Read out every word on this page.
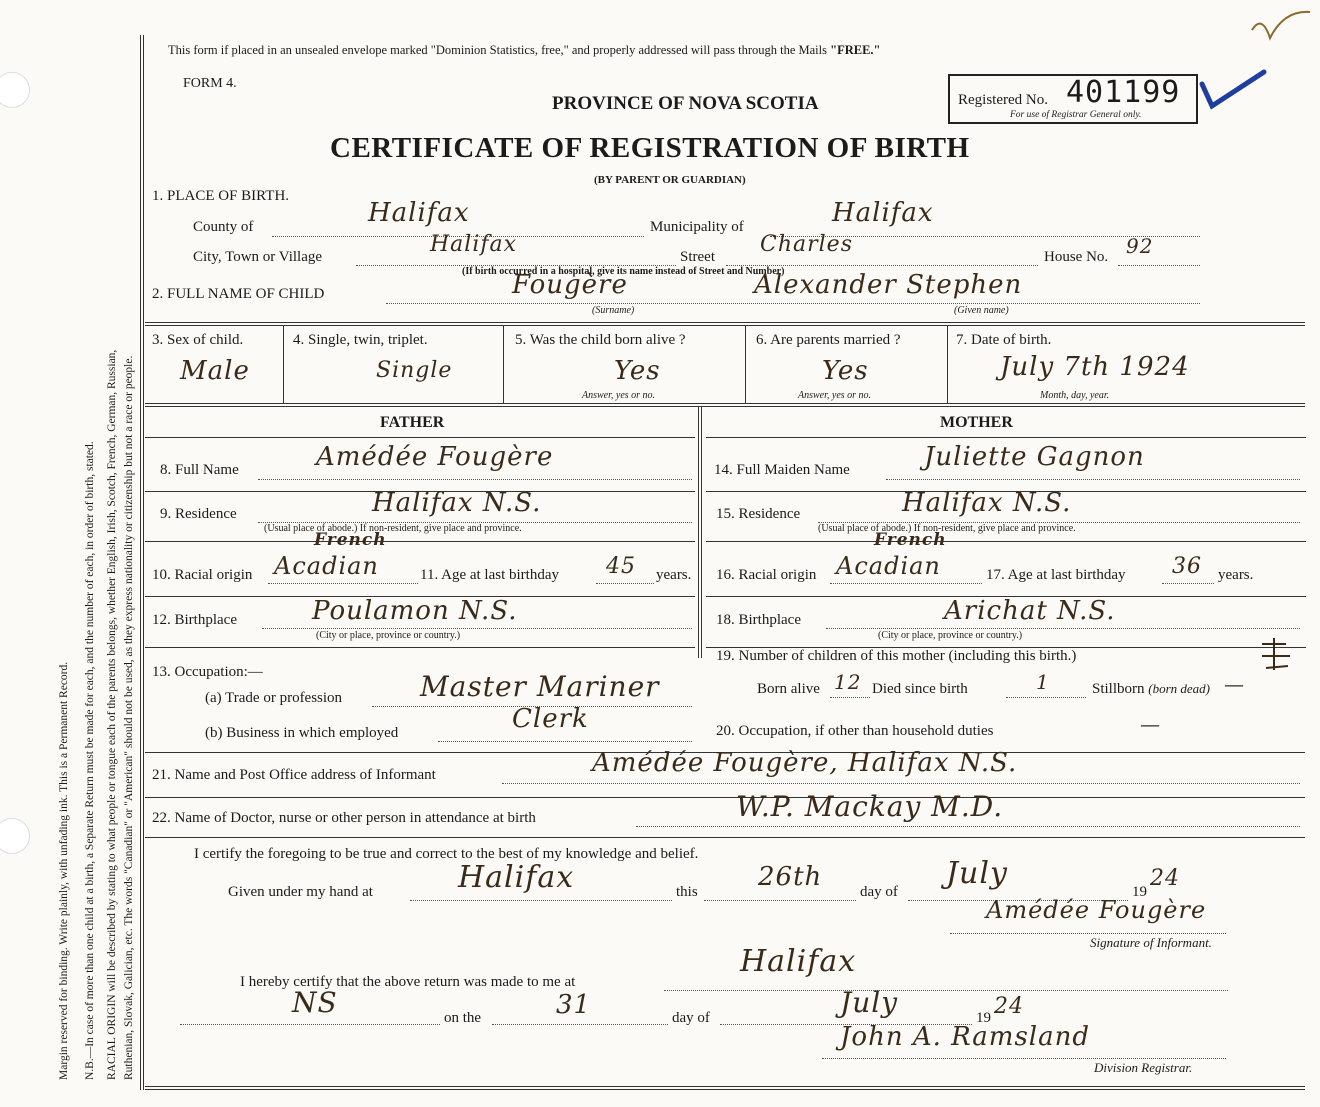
Margin reserved for binding. Write plainly, with unfading ink. This is a Permanent Record. N.B.—In case of more than one child at a birth, a Separate Return must be made for each, and the number of each, in order of birth, stated. RACIAL ORIGIN will be described by stating to what people or tongue each of the parents belongs, whether English, Irish, Scotch, French, German, Russian, Ruthenian, Slovak, Galician, etc. The words "Canadian" or "American" should not be used, as they express nationality or citizenship but not a race or people.
This form if placed in an unsealed envelope marked "Dominion Statistics, free," and properly addressed will pass through the Mails "FREE."
FORM 4.
PROVINCE OF NOVA SCOTIA
CERTIFICATE OF REGISTRATION OF BIRTH
(BY PARENT OR GUARDIAN)
Registered No. 401199
For use of Registrar General only.
1. PLACE OF BIRTH.
County of	Halifax	Municipality of	Halifax
City, Town or Village	Halifax	Street Charles	House No. 92
(If birth occurred in a hospital, give its name instead of Street and Number)
2. FULL NAME OF CHILD	Fougère	Alexander Stephen
(Surname)	(Given name)
3. Sex of child.
Male
4. Single, twin, triplet.
Single
5. Was the child born alive ?
Yes
Answer, yes or no.
6. Are parents married ?
Yes
Answer, yes or no.
7. Date of birth.
July 7th 1924
Month, day, year.
FATHER	MOTHER
8. Full Name	Amédée Fougère
9. Residence	Halifax N.S.
(Usual place of abode.) If non-resident, give place and province.
10. Racial origin Acadian
French
11. Age at last birthday 45 years.
12. Birthplace	Poulamon N.S.
(City or place, province or country.)
13. Occupation:—
(a) Trade or profession	Master Mariner
(b) Business in which employed	Clerk
14. Full Maiden Name	Juliette Gagnon
15. Residence	Halifax N.S.
(Usual place of abode.) If non-resident, give place and province.
16. Racial origin Acadian
French
17. Age at last birthday 36 years.
18. Birthplace	Arichat N.S.
(City or place, province or country.)
19. Number of children of this mother (including this birth.)
Born alive 12 Died since birth	1	Stillborn (born dead) —
20. Occupation, if other than household duties	—
21. Name and Post Office address of Informant	Amédée Fougère, Halifax N.S.
22. Name of Doctor, nurse or other person in attendance at birth	W.P. Mackay M.D.
I certify the foregoing to be true and correct to the best of my knowledge and belief.
Given under my hand at	Halifax	this 26th	day of
July
19
24
Amédée Fougère
Signature of Informant.
I hereby certify that the above return was made to me at
Halifax
NS	on the	31	day of	July	19 24
John A. Ramsland
Division Registrar.
